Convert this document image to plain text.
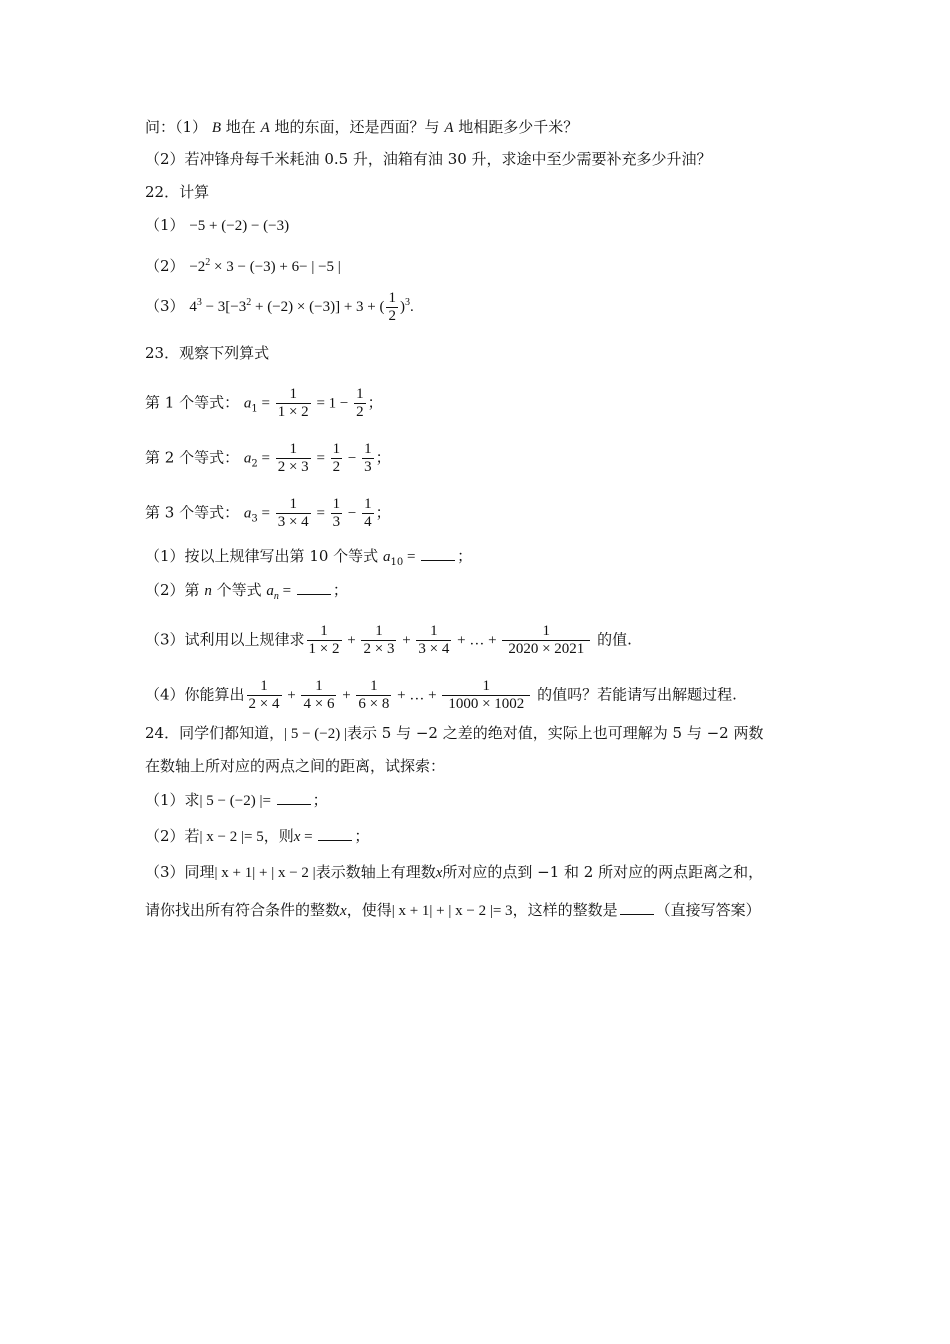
问：（1） B 地在 A 地的东面，还是西面？与 A 地相距多少千米？
（2）若冲锋舟每千米耗油 0.5 升，油箱有油 30 升，求途中至少需要补充多少升油？
22．计算
（1） −5 + (−2) − (−3)
$(2) -2^2 \times 3 - (-3) + 6-$ | −5 |
（3） $4^3 - 3[-3^2 + (-2) \times (-3)] + 3$ + ( $\frac{1}{2} )^3$.
23．观察下列算式
第 1 个等式： $a_1 = \frac{1}{1 \times 2} = 1 - \frac{1}{2}$ ；
第 2 个等式： $a_2 = \frac{1}{2 \times 3} = \frac{1}{2} - \frac{1}{3}$ ；
第 3 个等式： $a_3 = \frac{1}{3 \times 4} = \frac{1}{3} - \frac{1}{4}$ ；
（1）按以上规律写出第 10 个等式 $a_{10}$ =	；
（2）第 n 个等式 $a_n$ =	；
（3）试利用以上规律求 $\frac{1}{1 \times 2} + \frac{1}{2 \times 3} + \frac{1}{3 \times 4}$ + … + $\frac{1}{2020 \times 2021}$ 的值.
（4）你能算出 $\frac{1}{2 \times 4} + \frac{1}{4 \times 6} + \frac{1}{6 \times 8}$ + … + $\frac{1}{1000 \times 1002}$ 的值吗？若能请写出解题过程.
24．同学们都知道，| 5 − (−2) |表示 5 与 −2 之差的绝对值，实际上也可理解为 5 与 −2 两数
在数轴上所对应的两点之间的距离，试探索：
（1）求| 5 − (−2) |=	；
（2）若| x − 2 |= 5，则x =	；
（3）同理| x + 1| + | x − 2 |表示数轴上有理数x所对应的点到 −1 和 2 所对应的两点距离之和，
请你找出所有符合条件的整数x，使得| x + 1| + | x − 2 |= 3，这样的整数是	（直接写答案）
